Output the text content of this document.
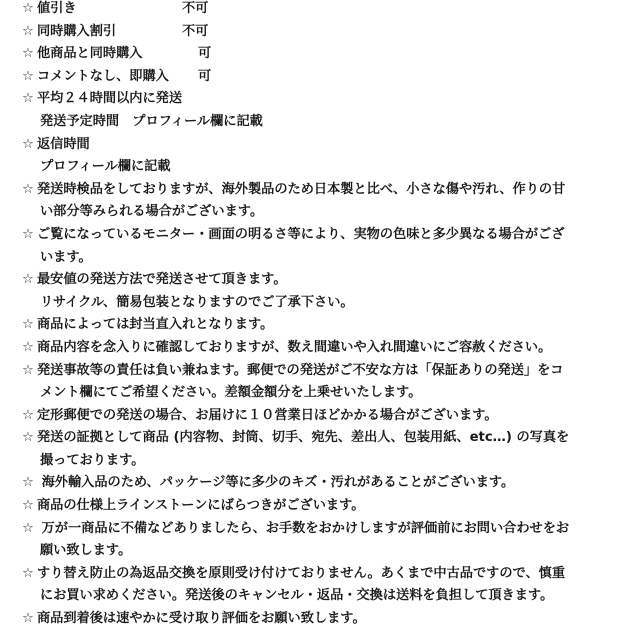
☆ 値引き	不可
☆ 同時購入割引	不可
☆ 他商品と同時購入	可
☆ コメントなし、即購入 可
☆ 平均２４時間以内に発送
発送予定時間　プロフィール欄に記載
☆ 返信時間
プロフィール欄に記載
☆ 発送時検品をしておりますが、海外製品のため日本製と比べ、小さな傷や汚れ、作りの甘
い部分等みられる場合がございます。
☆ ご覧になっているモニター・画面の明るさ等により、実物の色味と多少異なる場合がござ
います。
☆ 最安値の発送方法で発送させて頂きます。
リサイクル、簡易包装となりますのでご了承下さい。
☆ 商品によっては封当直入れとなります。
☆ 商品内容を念入りに確認しておりますが、数え間違いや入れ間違いにご容赦ください。
☆ 発送事故等の責任は負い兼ねます。郵便での発送がご不安な方は「保証ありの発送」をコ
メント欄にてご希望ください。差額金額分を上乗せいたします。
☆ 定形郵便での発送の場合、お届けに１０営業日ほどかかる場合がございます。
☆ 発送の証拠として商品 (内容物、封筒、切手、宛先、差出人、包装用紙、etc…) の写真を
撮っております。
☆ 海外輸入品のため、パッケージ等に多少のキズ・汚れがあることがございます。
☆ 商品の仕様上ラインストーンにばらつきがございます。
☆ 万が一商品に不備などありましたら、お手数をおかけしますが評価前にお問い合わせをお
願い致します。
☆ すり替え防止の為返品交換を原則受け付けておりません。あくまで中古品ですので、慎重
にお買い求めください。発送後のキャンセル・返品・交換は送料を負担して頂きます。
☆ 商品到着後は速やかに受け取り評価をお願い致します。
